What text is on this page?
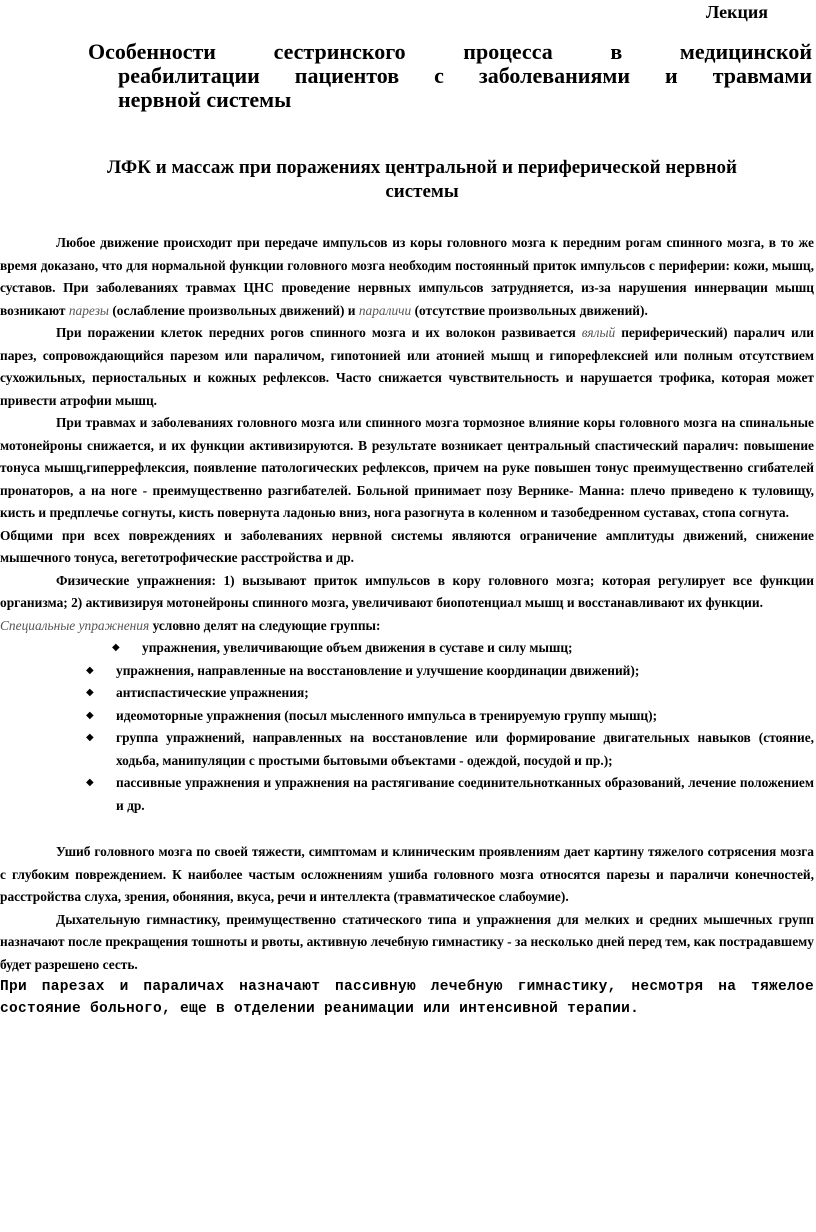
Лекция
Особенности сестринского процесса в медицинской
реабилитации пациентов с заболеваниями и травмами
нервной системы
ЛФК и массаж при поражениях центральной и периферической нервной системы

Любое движение происходит при передаче импульсов из коры головного мозга к передним рогам спинного мозга, в то же время доказано, что для нормальной функции головного мозга необходим постоянный приток импульсов с периферии: кожи, мышц, суставов. При заболеваниях травмах ЦНС проведение нервных импульсов затрудняется, из-за нарушения иннервации мышц возникают парезы (ослабление произвольных движений) и параличи (отсутствие произвольных движений).

При поражении клеток передних рогов спинного мозга и их волокон развивается вялый периферический) паралич или парез, сопровождающийся парезом или параличом, гипотонией или атонией мышц и гипорефлексией или полным отсутствием сухожильных, периостальных и кожных рефлексов. Часто снижается чувствительность и нарушается трофика, которая может привести атрофии мышц.

При травмах и заболеваниях головного мозга или спинного мозга тормозное влияние коры головного мозга на спинальные мотонейроны снижается, и их функции активизируются. В результате возникает центральный спастический паралич: повышение тонуса мышц,гиперрефлексия, появление патологических рефлексов, причем на руке повышен тонус преимущественно сгибателей пронаторов, а на ноге - преимущественно разгибателей. Больной принимает позу Вернике- Манна: плечо приведено к туловищу, кисть и предплечье согнуты, кисть повернута ладонью вниз, нога разогнута в коленном и тазобедренном суставах, стопа согнута.

Общими при всех повреждениях и заболеваниях нервной системы являются ограничение амплитуды движений, снижение мышечного тонуса, вегетотрофические расстройства и др.

Физические упражнения: 1) вызывают приток импульсов в кору головного мозга; которая регулирует все функции организма; 2) активизируя мотонейроны спинного мозга, увеличивают биопотенциал мышц и восстанавливают их функции.

Специальные упражнения условно делят на следующие группы:

◆ упражнения, увеличивающие объем движения в суставе и силу мышц;
◆ упражнения, направленные на восстановление и улучшение координации движений);
◆ антиспастические упражнения;
◆ идеомоторные упражнения (посыл мысленного импульса в тренируемую группу мышц);
◆ группа упражнений, направленных на восстановление или формирование двигательных навыков (стояние, ходьба, манипуляции с простыми бытовыми объектами - одеждой, посудой и пр.);
◆ пассивные упражнения и упражнения на растягивание соединительнотканных образований, лечение положением и др.

Ушиб головного мозга по своей тяжести, симптомам и клиническим проявлениям дает картину тяжелого сотрясения мозга с глубоким повреждением. К наиболее частым осложнениям ушиба головного мозга относятся парезы и параличи конечностей, расстройства слуха, зрения, обоняния, вкуса, речи и интеллекта (травматическое слабоумие).

Дыхательную гимнастику, преимущественно статического типа и упражнения для мелких и средних мышечных групп назначают после прекращения тошноты и рвоты, активную лечебную гимнастику - за несколько дней перед тем, как пострадавшему будет разрешено сесть.

При парезах и параличах назначают пассивную лечебную гимнастику, несмотря на тяжелое состояние больного, еще в отделении реанимации или интенсивной терапии.
